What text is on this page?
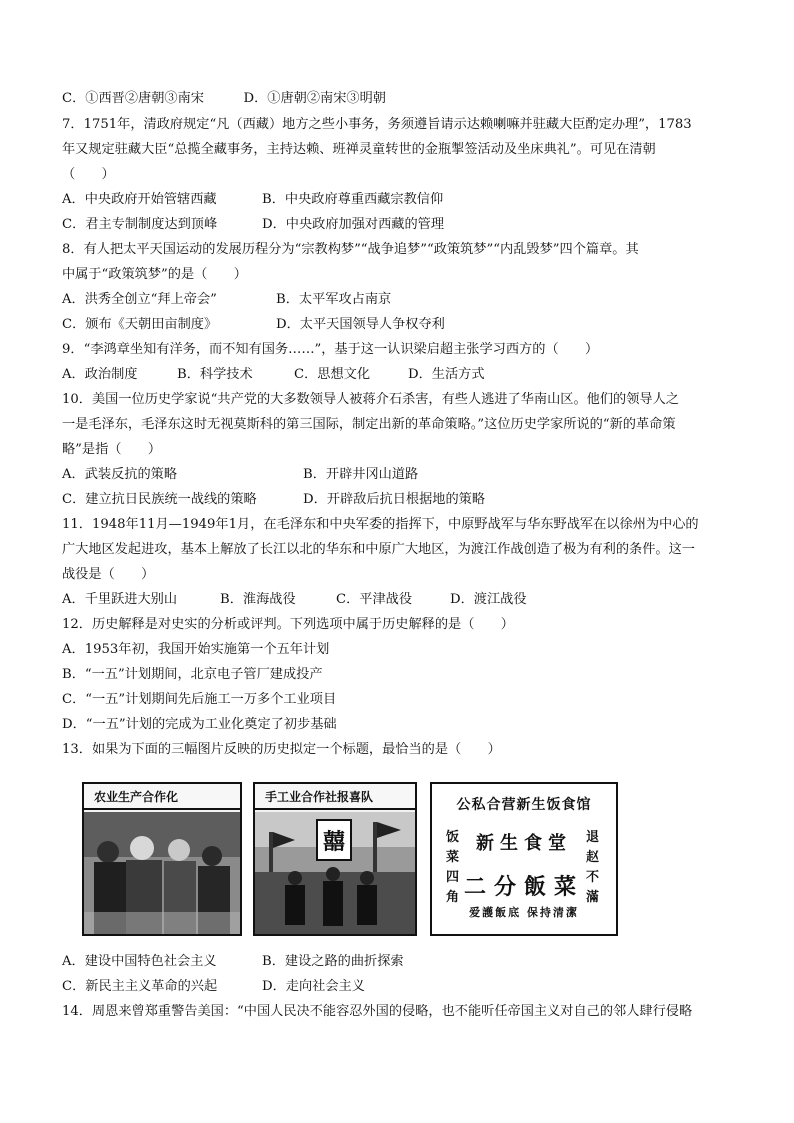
C．①西晋②唐朝③南宋　　　D．①唐朝②南宋③明朝
7．1751年，清政府规定“凡（西藏）地方之些小事务，务须遵旨请示达赖喇嘛并驻藏大臣酌定办理”，1783
年又规定驻藏大臣“总揽全藏事务，主持达赖、班禅灵童转世的金瓶掣签活动及坐床典礼”。可见在清朝
（　　）
A．中央政府开始管辖西藏	B．中央政府尊重西藏宗教信仰
C．君主专制制度达到顶峰	D．中央政府加强对西藏的管理
8．有人把太平天国运动的发展历程分为“宗教构梦”“战争追梦”“政策筑梦”“内乱毁梦”四个篇章。其
中属于“政策筑梦”的是（　　）
A．洪秀全创立“拜上帝会”	B．太平军攻占南京
C．颁布《天朝田亩制度》	D．太平天国领导人争权夺利
9．“李鸿章坐知有洋务，而不知有国务……”，基于这一认识梁启超主张学习西方的（　　）
A．政治制度	B．科学技术	C．思想文化	D．生活方式
10．美国一位历史学家说“共产党的大多数领导人被蒋介石杀害，有些人逃进了华南山区。他们的领导人之
一是毛泽东，毛泽东这时无视莫斯科的第三国际，制定出新的革命策略。”这位历史学家所说的“新的革命策
略”是指（　　）
A．武装反抗的策略	B．开辟井冈山道路
C．建立抗日民族统一战线的策略	D．开辟敌后抗日根据地的策略
11．1948年11月—1949年1月，在毛泽东和中央军委的指挥下，中原野战军与华东野战军在以徐州为中心的
广大地区发起进攻，基本上解放了长江以北的华东和中原广大地区，为渡江作战创造了极为有利的条件。这一
战役是（　　）
A．千里跃进大别山	B．淮海战役	C．平津战役	D．渡江战役
12．历史解释是对史实的分析或评判。下列选项中属于历史解释的是（　　）
A．1953年初，我国开始实施第一个五年计划
B．“一五”计划期间，北京电子管厂建成投产
C．“一五”计划期间先后施工一万多个工业项目
D．“一五”计划的完成为工业化奠定了初步基础
13．如果为下面的三幅图片反映的历史拟定一个标题，最恰当的是（　　）
农业生产合作化	手工业合作社报喜队
囍
公私合营新生饭食馆
饭菜四角
退赵不滿
新生食堂
二分飯菜
爱護飯底 保持清潔
A．建设中国特色社会主义	B．建设之路的曲折探索
C．新民主主义革命的兴起	D．走向社会主义
14．周恩来曾郑重警告美国：“中国人民决不能容忍外国的侵略，也不能听任帝国主义对自己的邻人肆行侵略
